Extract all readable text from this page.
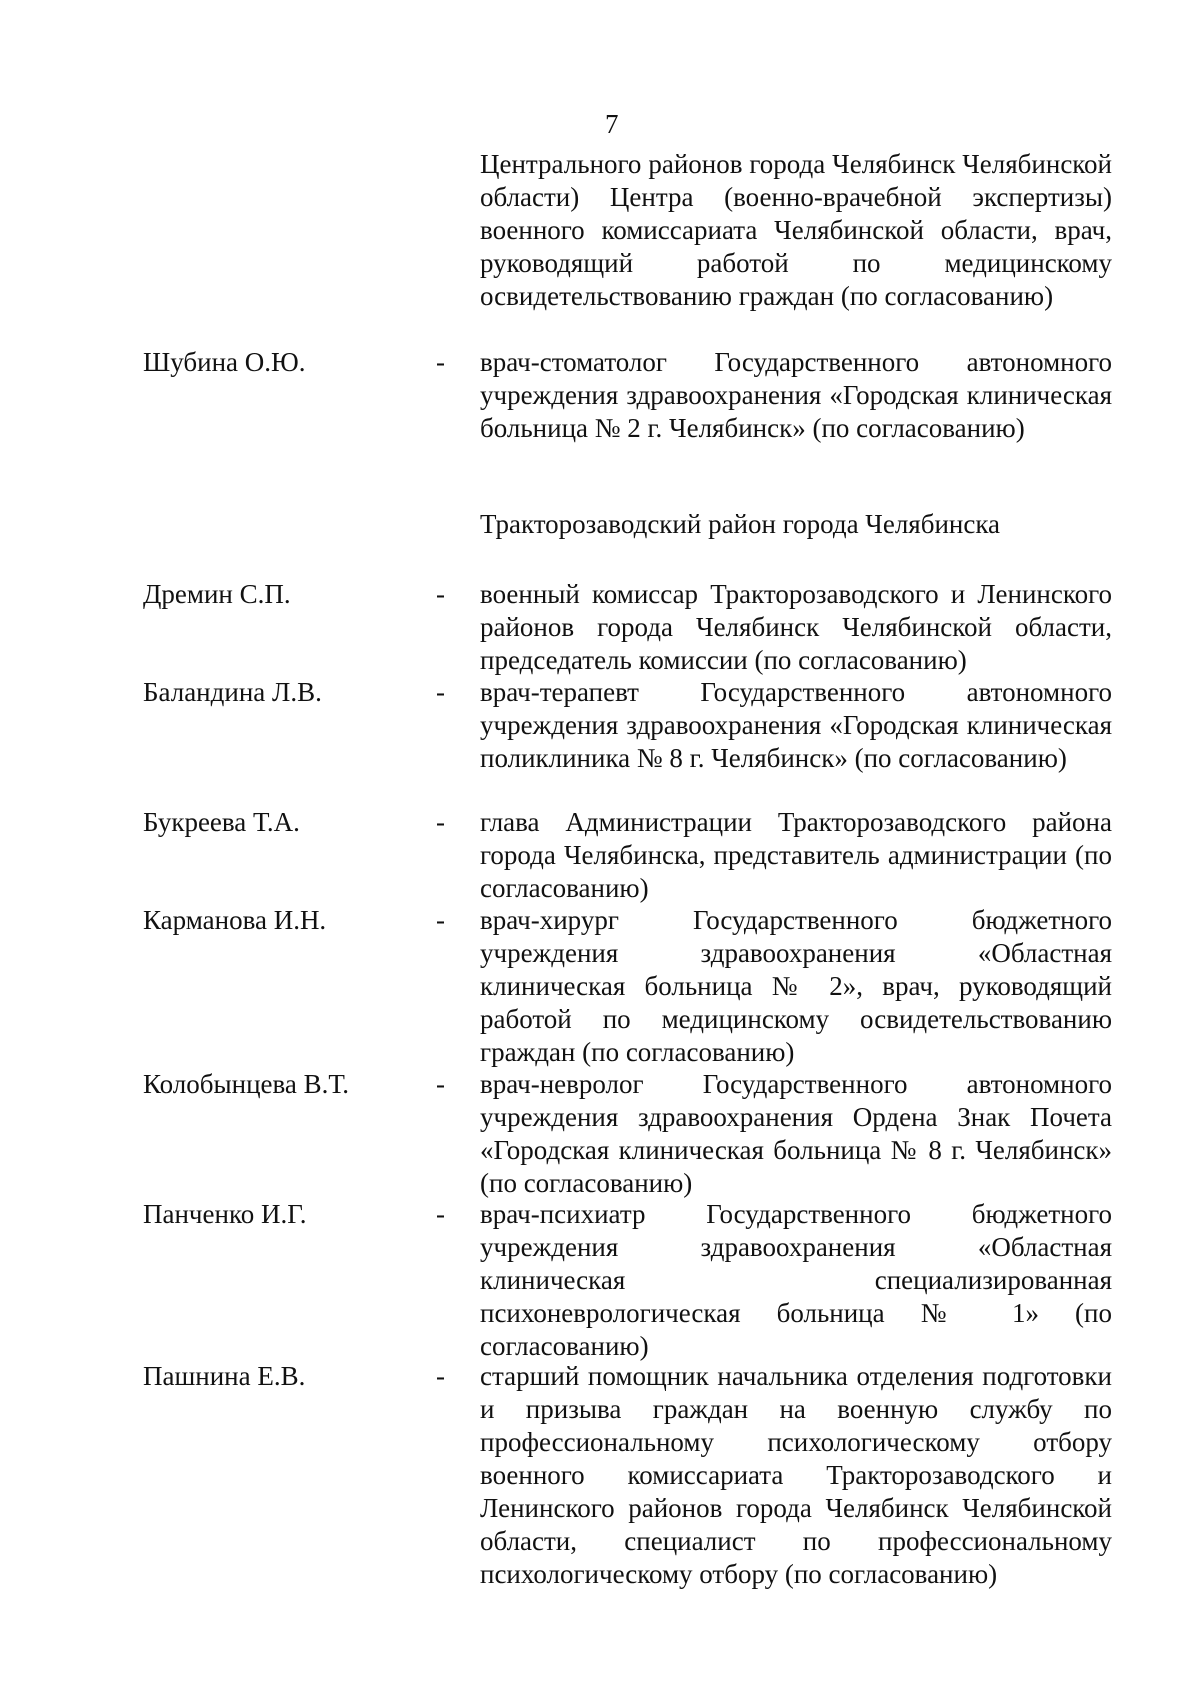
7

Центрального районов города Челябинск Челябинской области) Центра (военно-врачебной экспертизы) военного комиссариата Челябинской области, врач, руководящий работой по медицинскому освидетельствованию граждан (по согласованию)

Шубина О.Ю.	- врач-стоматолог Государственного автономного учреждения здравоохранения «Городская клиническая больница № 2 г. Челябинск» (по согласованию)

Тракторозаводский район города Челябинска
Дремин С.П.	- военный комиссар Тракторозаводского и Ленинского районов города Челябинск Челябинской области, председатель комиссии (по согласованию)

Баландина Л.В.	- врач-терапевт Государственного автономного учреждения здравоохранения «Городская клиническая поликлиника № 8 г. Челябинск» (по согласованию)

Букреева Т.А.	- глава Администрации Тракторозаводского района города Челябинска, представитель администрации (по согласованию)

Карманова И.Н.	- врач-хирург Государственного бюджетного учреждения здравоохранения «Областная клиническая больница № 2», врач, руководящий работой по медицинскому освидетельствованию граждан (по согласованию)

Колобынцева В.Т.	- врач-невролог Государственного автономного учреждения здравоохранения Ордена Знак Почета «Городская клиническая больница № 8 г. Челябинск» (по согласованию)

Панченко И.Г.	- врач-психиатр Государственного бюджетного учреждения здравоохранения «Областная клиническая специализированная психоневрологическая больница № 1» (по согласованию)

Пашнина Е.В.	- старший помощник начальника отделения подготовки и призыва граждан на военную службу по профессиональному психологическому отбору военного комиссариата Тракторозаводского и Ленинского районов города Челябинск Челябинской области, специалист по профессиональному психологическому отбору (по согласованию)
